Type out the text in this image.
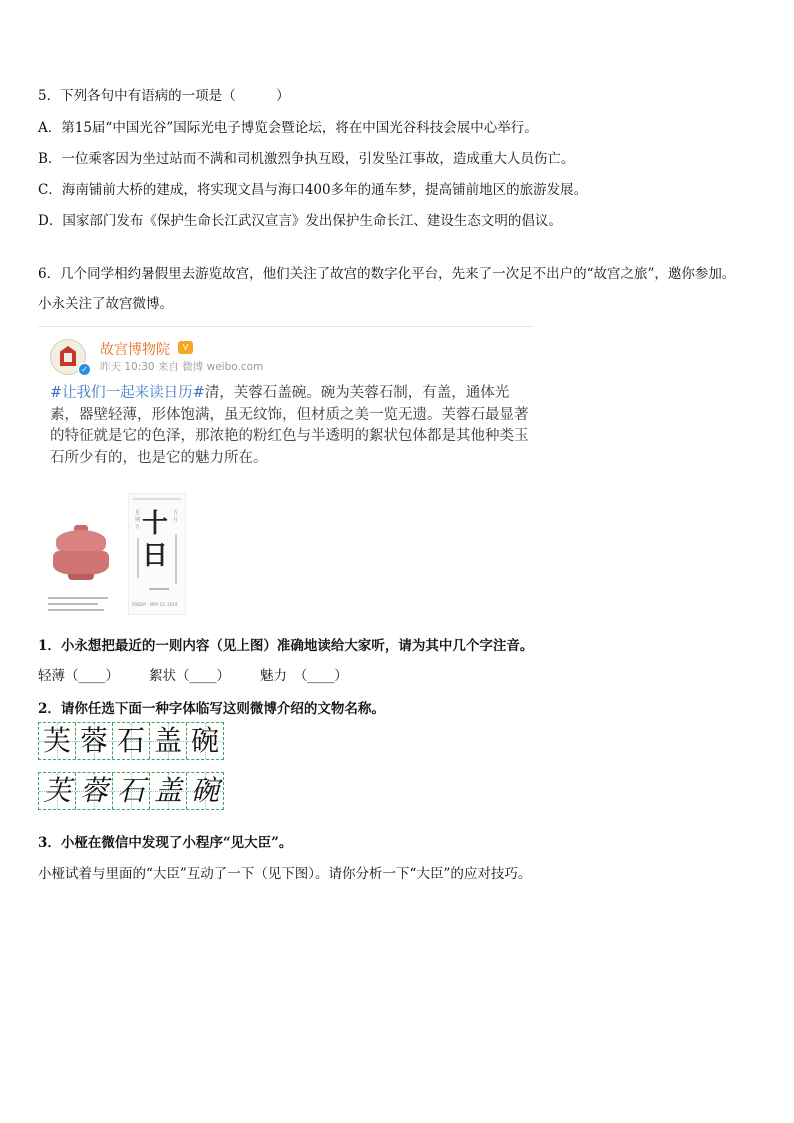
5．下列各句中有语病的一项是（　　　）
A．第15届“中国光谷”国际光电子博览会暨论坛，将在中国光谷科技会展中心举行。
B．一位乘客因为坐过站而不满和司机激烈争执互殴，引发坠江事故，造成重大人员伤亡。
C．海南铺前大桥的建成，将实现文昌与海口400多年的通车梦，提高铺前地区的旅游发展。
D．国家部门发布《保护生命长江武汉宣言》发出保护生命长江、建设生态文明的倡议。
6．几个同学相约暑假里去游览故宫，他们关注了故宫的数字化平台，先来了一次足不出户的“故宫之旅”，邀你参加。
小永关注了故宫微博。
✓
故宫博物院	V
昨天 10:30 来自 微博 weibo.com
#让我们一起来读日历#清，芙蓉石盖碗。碗为芙蓉石制，有盖，通体光素，器壁轻薄，形体饱满，虽无纹饰，但材质之美一览无遗。芙蓉石最显著的特征就是它的色泽，那浓艳的粉红色与半透明的絮状包体都是其他种类玉石所少有的，也是它的魅力所在。
星期五
五月
十日
FRIDAY · MAY 10, 2019
1．小永想把最近的一则内容（见上图）准确地读给大家听，请为其中几个字注音。
轻薄（____） 絮状（____） 魅力　（____）
2．请你任选下面一种字体临写这则微博介绍的文物名称。
芙 蓉 石 盖 碗
芙 蓉 石 盖 碗
3．小桠在微信中发现了小程序“见大臣”。
小桠试着与里面的“大臣”互动了一下（见下图）。请你分析一下“大臣”的应对技巧。
